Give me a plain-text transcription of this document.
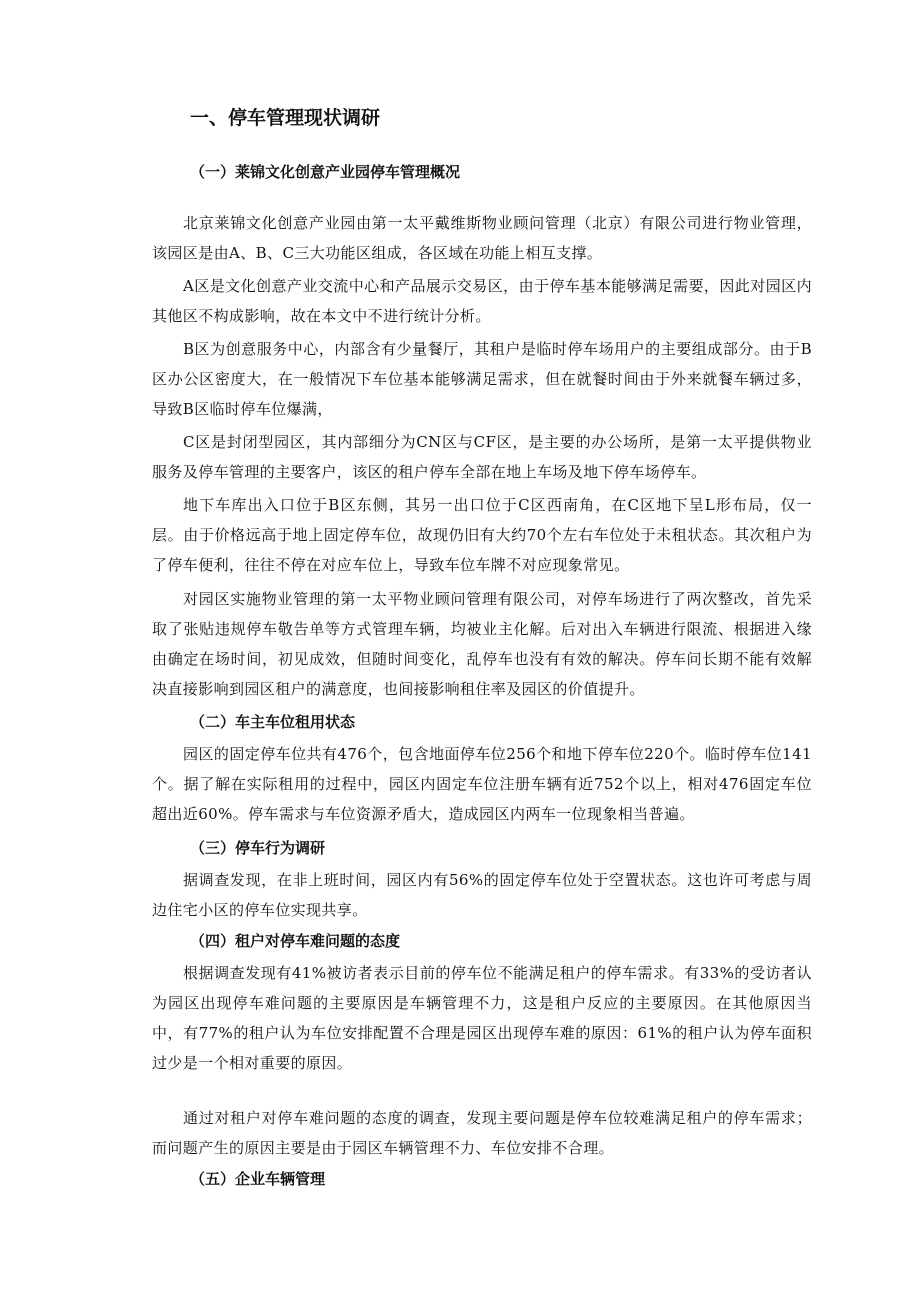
一、停车管理现状调研
（一）莱锦文化创意产业园停车管理概况

北京莱锦文化创意产业园由第一太平戴维斯物业顾问管理（北京）有限公司进行物业管理，该园区是由A、B、C三大功能区组成，各区域在功能上相互支撑。

A区是文化创意产业交流中心和产品展示交易区，由于停车基本能够满足需要，因此对园区内其他区不构成影响，故在本文中不进行统计分析。

B区为创意服务中心，内部含有少量餐厅，其租户是临时停车场用户的主要组成部分。由于B区办公区密度大，在一般情况下车位基本能够满足需求，但在就餐时间由于外来就餐车辆过多，导致B区临时停车位爆满，

C区是封闭型园区，其内部细分为CN区与CF区，是主要的办公场所，是第一太平提供物业服务及停车管理的主要客户，该区的租户停车全部在地上车场及地下停车场停车。

地下车库出入口位于B区东侧，其另一出口位于C区西南角，在C区地下呈L形布局，仅一层。由于价格远高于地上固定停车位，故现仍旧有大约70个左右车位处于未租状态。其次租户为了停车便利，往往不停在对应车位上，导致车位车牌不对应现象常见。

对园区实施物业管理的第一太平物业顾问管理有限公司，对停车场进行了两次整改，首先采取了张贴违规停车敬告单等方式管理车辆，均被业主化解。后对出入车辆进行限流、根据进入缘由确定在场时间，初见成效，但随时间变化，乱停车也没有有效的解决。停车问长期不能有效解决直接影响到园区租户的满意度，也间接影响租住率及园区的价值提升。

（二）车主车位租用状态

园区的固定停车位共有476个，包含地面停车位256个和地下停车位220个。临时停车位141个。据了解在实际租用的过程中，园区内固定车位注册车辆有近752个以上，相对476固定车位超出近60%。停车需求与车位资源矛盾大，造成园区内两车一位现象相当普遍。

（三）停车行为调研

据调查发现，在非上班时间，园区内有56%的固定停车位处于空置状态。这也许可考虑与周边住宅小区的停车位实现共享。

（四）租户对停车难问题的态度

根据调查发现有41%被访者表示目前的停车位不能满足租户的停车需求。有33%的受访者认为园区出现停车难问题的主要原因是车辆管理不力，这是租户反应的主要原因。在其他原因当中，有77%的租户认为车位安排配置不合理是园区出现停车难的原因：61%的租户认为停车面积过少是一个相对重要的原因。

通过对租户对停车难问题的态度的调查，发现主要问题是停车位较难满足租户的停车需求；而问题产生的原因主要是由于园区车辆管理不力、车位安排不合理。

（五）企业车辆管理
